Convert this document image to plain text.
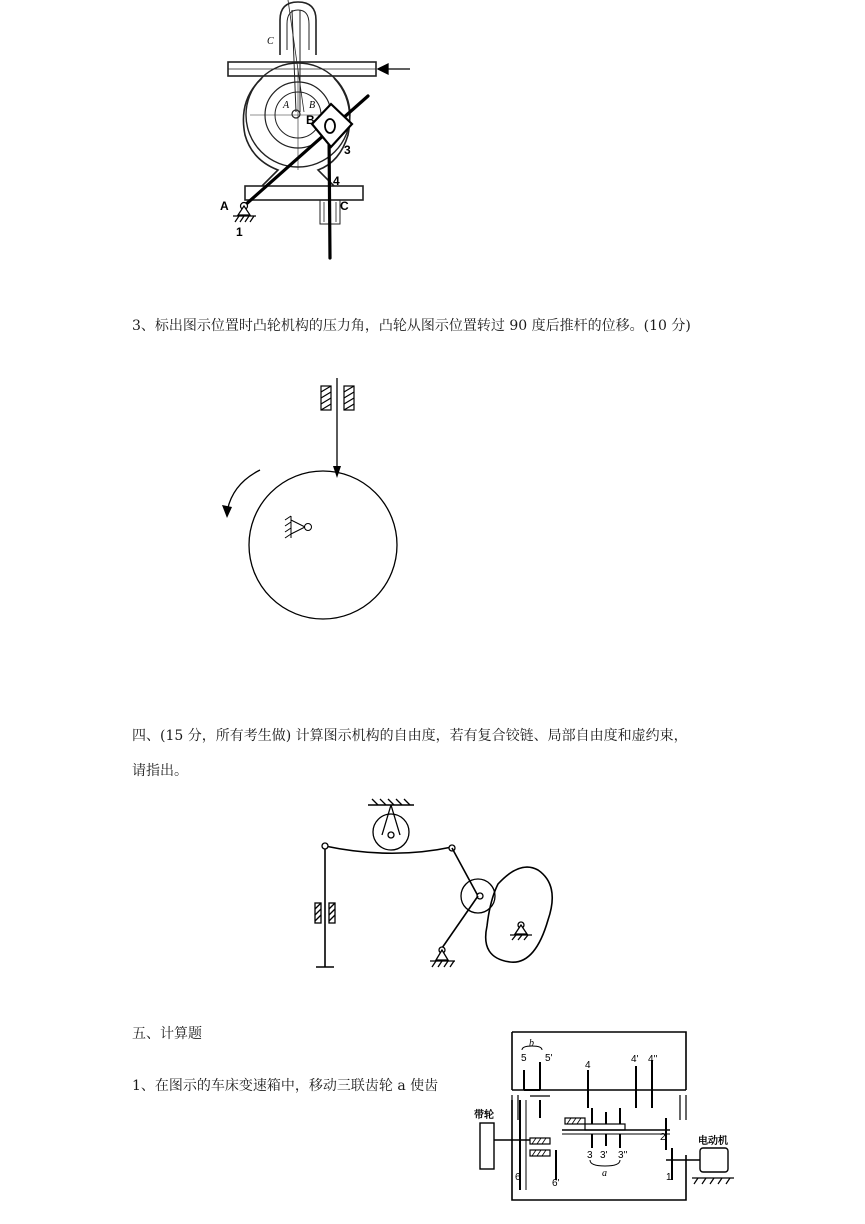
A
1
3
4
C
C
A B
B
3、标出图示位置时凸轮机构的压力角，凸轮从图示位置转过 90 度后推杆的位移。(10 分)
四、(15 分，所有考生做) 计算图示机构的自由度，若有复合铰链、局部自由度和虚约束，
请指出。
五、计算题
1、在图示的车床变速箱中，移动三联齿轮 a 使齿
b
5 5'
4
4' 4''
带轮
电动机
2
1
3 3' 3''
a
6
6'
